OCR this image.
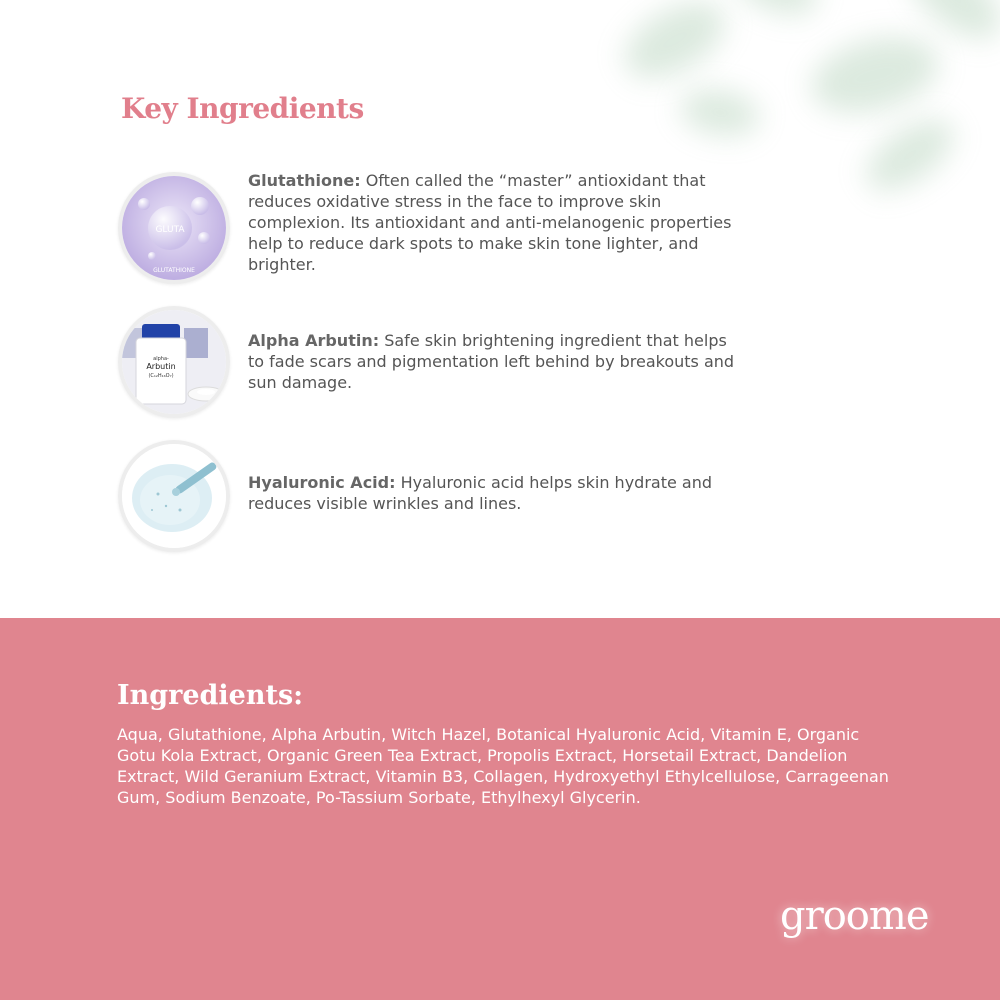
Key Ingredients
GLUTA
GLUTATHIONE

Glutathione: Often called the “master” antioxidant that reduces oxidative stress in the face to improve skin complexion. Its antioxidant and anti-melanogenic properties help to reduce dark spots to make skin tone lighter, and brighter.

alpha-
Arbutin
(C₁₂H₁₆O₇)

Alpha Arbutin: Safe skin brightening ingredient that helps to fade scars and pigmentation left behind by breakouts and sun damage.

Hyaluronic Acid: Hyaluronic acid helps skin hydrate and reduces visible wrinkles and lines.

Ingredients:

Aqua, Glutathione, Alpha Arbutin, Witch Hazel, Botanical Hyaluronic Acid, Vitamin E, Organic Gotu Kola Extract, Organic Green Tea Extract, Propolis Extract, Horsetail Extract, Dandelion Extract, Wild Geranium Extract, Vitamin B3, Collagen, Hydroxyethyl Ethylcellulose, Carrageenan Gum, Sodium Benzoate, Po-Tassium Sorbate, Ethylhexyl Glycerin.

groome
